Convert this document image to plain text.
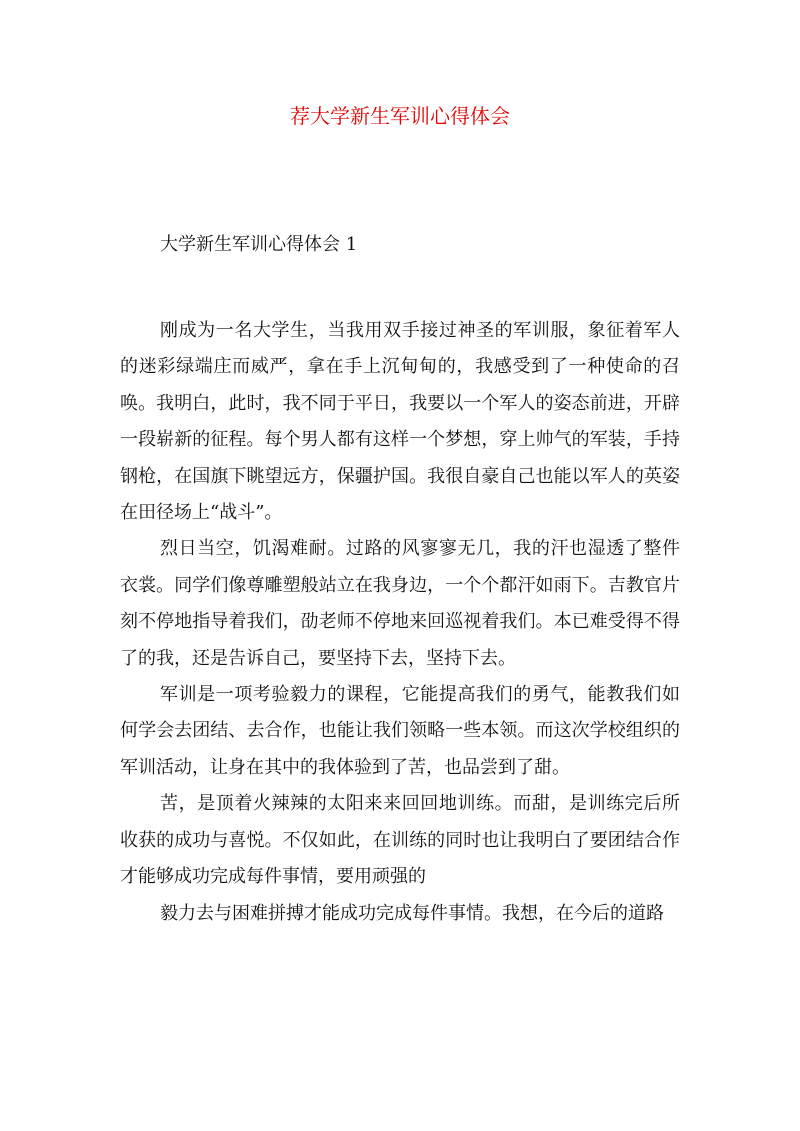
荐大学新生军训心得体会

大学新生军训心得体会 1

刚成为一名大学生，当我用双手接过神圣的军训服，象征着军人的迷彩绿端庄而威严，拿在手上沉甸甸的，我感受到了一种使命的召唤。我明白，此时，我不同于平日，我要以一个军人的姿态前进，开辟一段崭新的征程。每个男人都有这样一个梦想，穿上帅气的军装，手持钢枪，在国旗下眺望远方，保疆护国。我很自豪自己也能以军人的英姿在田径场上“战斗”。

烈日当空，饥渴难耐。过路的风寥寥无几，我的汗也湿透了整件衣裳。同学们像尊雕塑般站立在我身边，一个个都汗如雨下。吉教官片刻不停地指导着我们，劭老师不停地来回巡视着我们。本已难受得不得了的我，还是告诉自己，要坚持下去，坚持下去。

军训是一项考验毅力的课程，它能提高我们的勇气，能教我们如何学会去团结、去合作，也能让我们领略一些本领。而这次学校组织的军训活动，让身在其中的我体验到了苦，也品尝到了甜。

苦，是顶着火辣辣的太阳来来回回地训练。而甜，是训练完后所收获的成功与喜悦。不仅如此，在训练的同时也让我明白了要团结合作才能够成功完成每件事情，要用顽强的

毅力去与困难拼搏才能成功完成每件事情。我想，在今后的道路
